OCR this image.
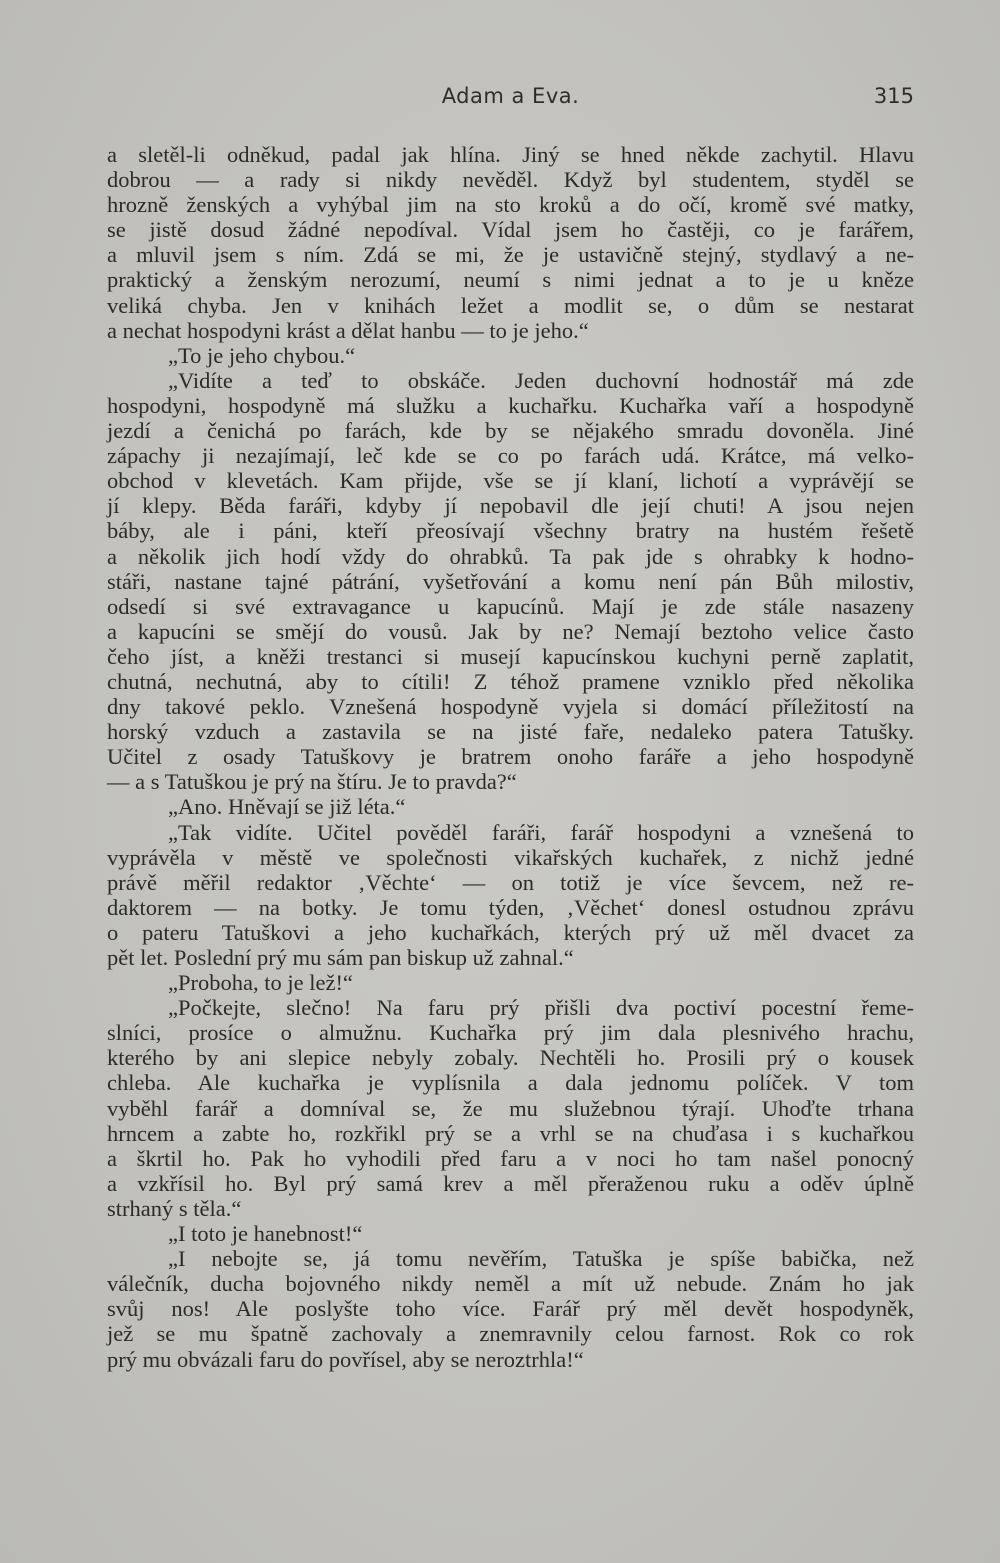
Adam a Eva.	315
a sletěl-li odněkud, padal jak hlína. Jiný se hned někde zachytil. Hlavu
dobrou — a rady si nikdy nevěděl. Když byl studentem, styděl se
hrozně ženských a vyhýbal jim na sto kroků a do očí, kromě své matky,
se jistě dosud žádné nepodíval. Vídal jsem ho častěji, co je farářem,
a mluvil jsem s ním. Zdá se mi, že je ustavičně stejný, stydlavý a ne-
praktický a ženským nerozumí, neumí s nimi jednat a to je u kněze
veliká chyba. Jen v knihách ležet a modlit se, o dům se nestarat
a nechat hospodyni krást a dělat hanbu — to je jeho.“
„To je jeho chybou.“
„Vidíte a teď to obskáče. Jeden duchovní hodnostář má zde
hospodyni, hospodyně má služku a kuchařku. Kuchařka vaří a hospodyně
jezdí a čenichá po farách, kde by se nějakého smradu dovoněla. Jiné
zápachy ji nezajímají, leč kde se co po farách udá. Krátce, má velko-
obchod v klevetách. Kam přijde, vše se jí klaní, lichotí a vyprávějí se
jí klepy. Běda faráři, kdyby jí nepobavil dle její chuti! A jsou nejen
báby, ale i páni, kteří přeosívají všechny bratry na hustém řešetě
a několik jich hodí vždy do ohrabků. Ta pak jde s ohrabky k hodno-
stáři, nastane tajné pátrání, vyšetřování a komu není pán Bůh milostiv,
odsedí si své extravagance u kapucínů. Mají je zde stále nasazeny
a kapucíni se smějí do vousů. Jak by ne? Nemají beztoho velice často
čeho jíst, a kněži trestanci si musejí kapucínskou kuchyni perně zaplatit,
chutná, nechutná, aby to cítili! Z téhož pramene vzniklo před několika
dny takové peklo. Vznešená hospodyně vyjela si domácí příležitostí na
horský vzduch a zastavila se na jisté faře, nedaleko patera Tatušky.
Učitel z osady Tatuškovy je bratrem onoho faráře a jeho hospodyně
— a s Tatuškou je prý na štíru. Je to pravda?“
„Ano. Hněvají se již léta.“
„Tak vidíte. Učitel pověděl faráři, farář hospodyni a vznešená to
vyprávěla v městě ve společnosti vikařských kuchařek, z nichž jedné
právě měřil redaktor ‚Věchte‘ — on totiž je více ševcem, než re-
daktorem — na botky. Je tomu týden, ‚Věchet‘ donesl ostudnou zprávu
o pateru Tatuškovi a jeho kuchařkách, kterých prý už měl dvacet za
pět let. Poslední prý mu sám pan biskup už zahnal.“
„Proboha, to je lež!“
„Počkejte, slečno! Na faru prý přišli dva poctiví pocestní řeme-
slníci, prosíce o almužnu. Kuchařka prý jim dala plesnivého hrachu,
kterého by ani slepice nebyly zobaly. Nechtěli ho. Prosili prý o kousek
chleba. Ale kuchařka je vyplísnila a dala jednomu políček. V tom
vyběhl farář a domníval se, že mu služebnou týrají. Uhoďte trhana
hrncem a zabte ho, rozkřikl prý se a vrhl se na chuďasa i s kuchařkou
a škrtil ho. Pak ho vyhodili před faru a v noci ho tam našel ponocný
a vzkřísil ho. Byl prý samá krev a měl přeraženou ruku a oděv úplně
strhaný s těla.“
„I toto je hanebnost!“
„I nebojte se, já tomu nevěřím, Tatuška je spíše babička, než
válečník, ducha bojovného nikdy neměl a mít už nebude. Znám ho jak
svůj nos! Ale poslyšte toho více. Farář prý měl devět hospodyněk,
jež se mu špatně zachovaly a znemravnily celou farnost. Rok co rok
prý mu obvázali faru do povřísel, aby se neroztrhla!“
